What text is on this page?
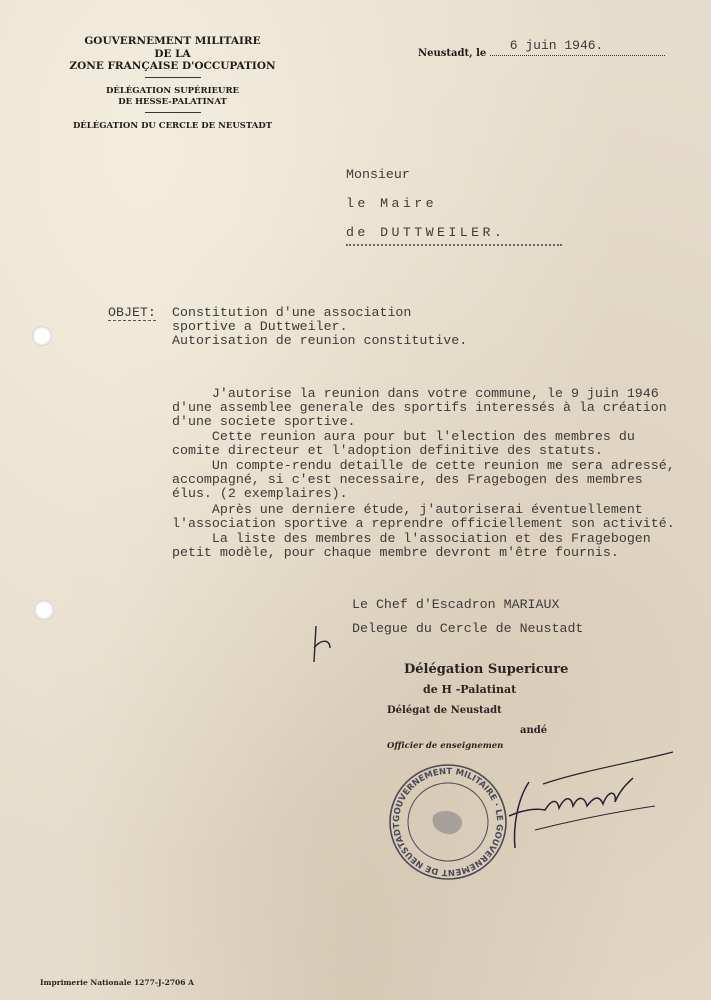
GOUVERNEMENT MILITAIRE
DE LA
ZONE FRANÇAISE D'OCCUPATION
DÉLÉGATION SUPÉRIEURE
DE HESSE-PALATINAT
DÉLÉGATION DU CERCLE DE NEUSTADT
Neustadt, le
6 juin 1946.
Monsieur
le Maire
de DUTTWEILER.
OBJET: Constitution d'une association
sportive a Duttweiler.
Autorisation de reunion constitutive.
J'autorise la reunion dans votre commune, le 9 juin 1946
d'une assemblee generale des sportifs interessés à la création
d'une societe sportive.
Cette reunion aura pour but l'election des membres du
comite directeur et l'adoption definitive des statuts.
Un compte-rendu detaille de cette reunion me sera adressé,
accompagné, si c'est necessaire, des Fragebogen des membres
élus. (2 exemplaires).
Après une derniere étude, j'autoriserai éventuellement
l'association sportive a reprendre officiellement son activité.
La liste des membres de l'association et des Fragebogen
petit modèle, pour chaque membre devront m'être fournis.
Le Chef d'Escadron MARIAUX
Delegue du Cercle de Neustadt
Délégation Supericure
de H -Palatinat
Délégat de Neustadt
andé
Officier de enseignemen
GOUVERNEMENT MILITAIRE · LE GOUVERNEMENT DE NEUSTADT
Imprimerie Nationale 1277-J-2706 A
